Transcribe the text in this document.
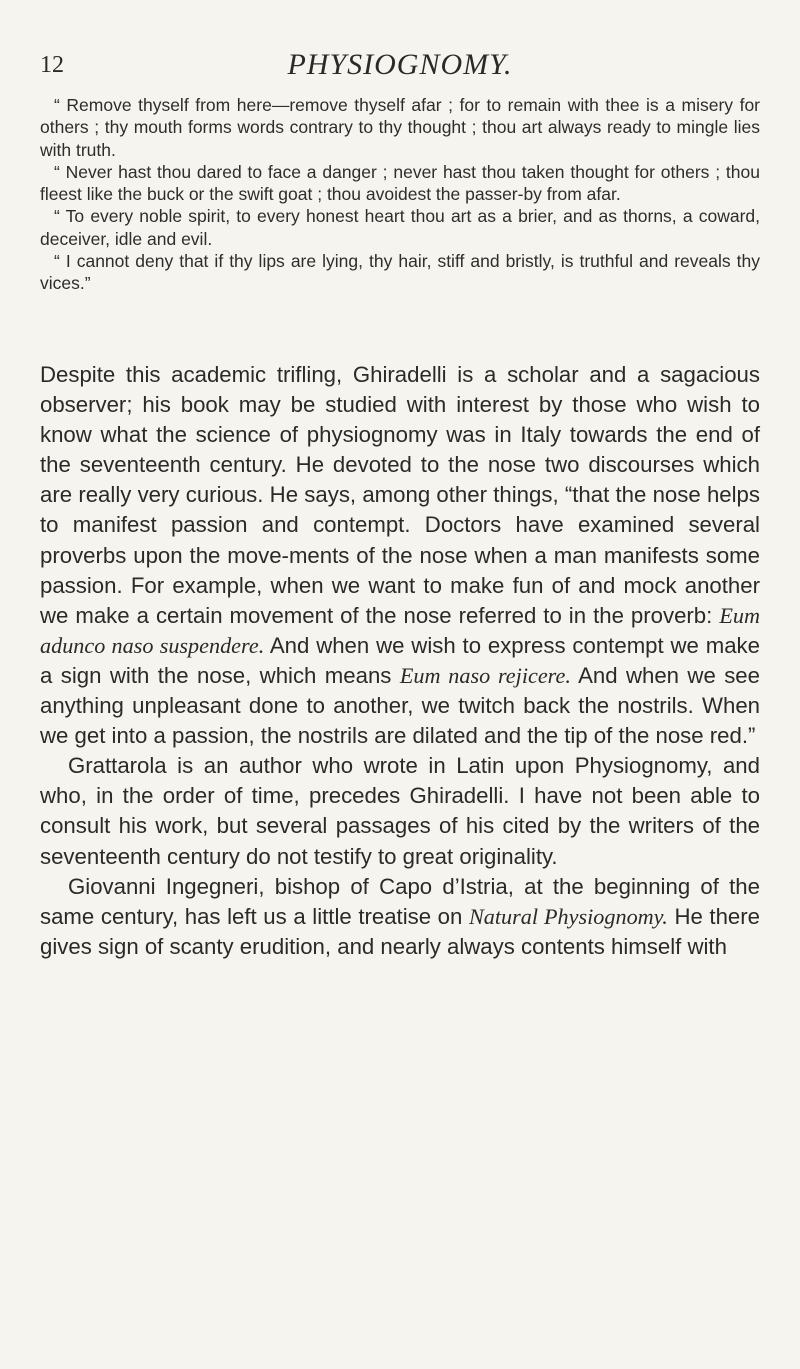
12	PHYSIOGNOMY.

“ Remove thyself from here—remove thyself afar ; for to remain with thee is a misery for others ; thy mouth forms words contrary to thy thought ; thou art always ready to mingle lies with truth.

“ Never hast thou dared to face a danger ; never hast thou taken thought for others ; thou fleest like the buck or the swift goat ; thou avoidest the passer-by from afar.

“ To every noble spirit, to every honest heart thou art as a brier, and as thorns, a coward, deceiver, idle and evil.

“ I cannot deny that if thy lips are lying, thy hair, stiff and bristly, is truthful and reveals thy vices.”

Despite this academic trifling, Ghiradelli is a scholar and a sagacious observer; his book may be studied with interest by those who wish to know what the science of physiognomy was in Italy towards the end of the seventeenth century. He devoted to the nose two discourses which are really very curious. He says, among other things, “that the nose helps to manifest passion and contempt. Doctors have examined several proverbs upon the move-ments of the nose when a man manifests some passion. For example, when we want to make fun of and mock another we make a certain movement of the nose referred to in the proverb: Eum adunco naso suspendere. And when we wish to express contempt we make a sign with the nose, which means Eum naso rejicere. And when we see anything unpleasant done to another, we twitch back the nostrils. When we get into a passion, the nostrils are dilated and the tip of the nose red.”

Grattarola is an author who wrote in Latin upon Physiognomy, and who, in the order of time, precedes Ghiradelli. I have not been able to consult his work, but several passages of his cited by the writers of the seventeenth century do not testify to great originality.

Giovanni Ingegneri, bishop of Capo d’Istria, at the beginning of the same century, has left us a little treatise on Natural Physiognomy. He there gives sign of scanty erudition, and nearly always contents himself with
